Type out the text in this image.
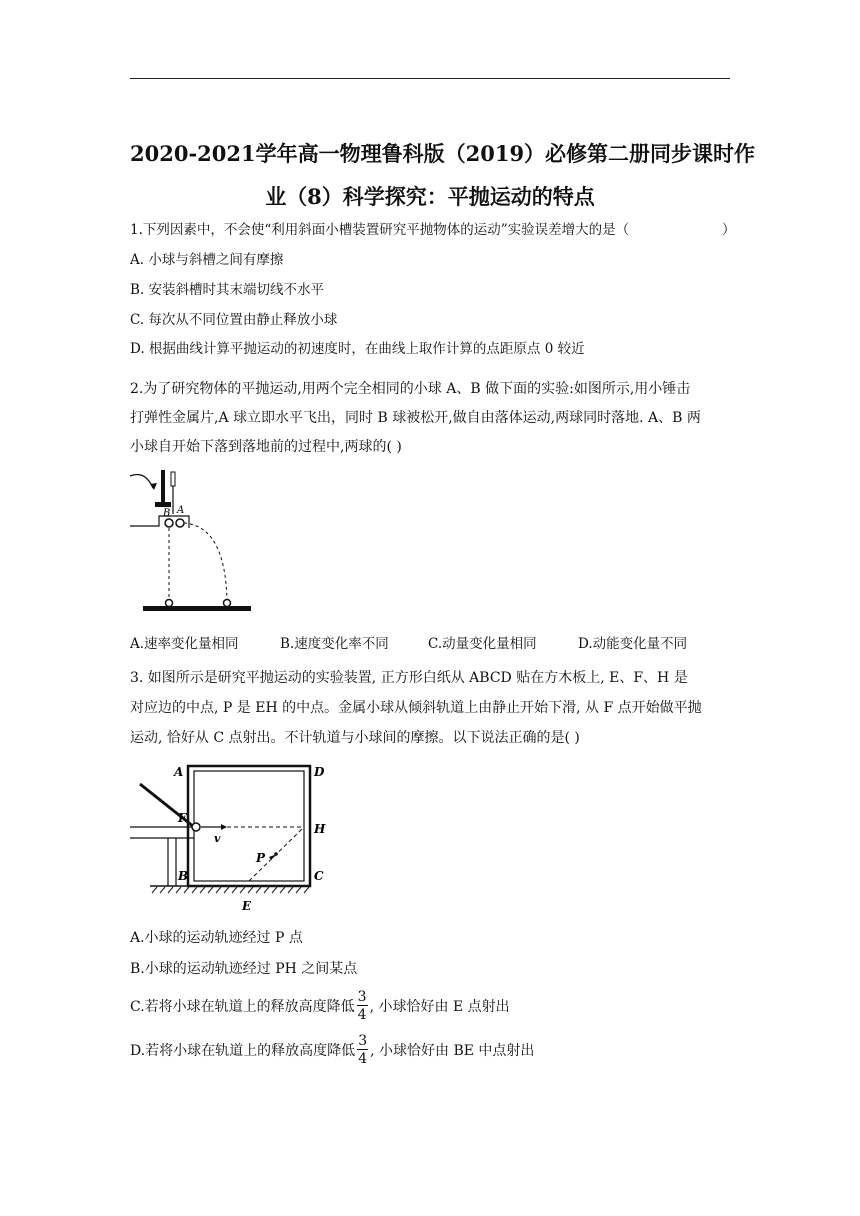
2020-2021学年高一物理鲁科版（2019）必修第二册同步课时作
业（8）科学探究：平抛运动的特点
1.下列因素中，不会使“利用斜面小槽装置研究平抛物体的运动”实验误差增大的是（	）
A. 小球与斜槽之间有摩擦
B. 安装斜槽时其末端切线不水平
C. 每次从不同位置由静止释放小球
D. 根据曲线计算平抛运动的初速度时，在曲线上取作计算的点距原点 0 较近
2.为了研究物体的平抛运动,用两个完全相同的小球 A、B 做下面的实验:如图所示,用小锤击
打弹性金属片,A 球立即水平飞出，同时 B 球被松开,做自由落体运动,两球同时落地. A、B 两
小球自开始下落到落地前的过程中,两球的( )
B A
A.速率变化量相同	B.速度变化率不同	C.动量变化量相同	D.动能变化量不同
3. 如图所示是研究平抛运动的实验装置, 正方形白纸从 ABCD 贴在方木板上, E、F、H 是
对应边的中点, P 是 EH 的中点。金属小球从倾斜轨道上由静止开始下滑, 从 F 点开始做平抛
运动, 恰好从 C 点射出。不计轨道与小球间的摩擦。以下说法正确的是( )
A	D
F
H
v
P
B	C
E
A.小球的运动轨迹经过 P 点
B.小球的运动轨迹经过 PH 之间某点
C.若将小球在轨道上的释放高度降低 $\frac{3}{4}$ , 小球恰好由 E 点射出
D.若将小球在轨道上的释放高度降低 $\frac{3}{4}$ , 小球恰好由 BE 中点射出
